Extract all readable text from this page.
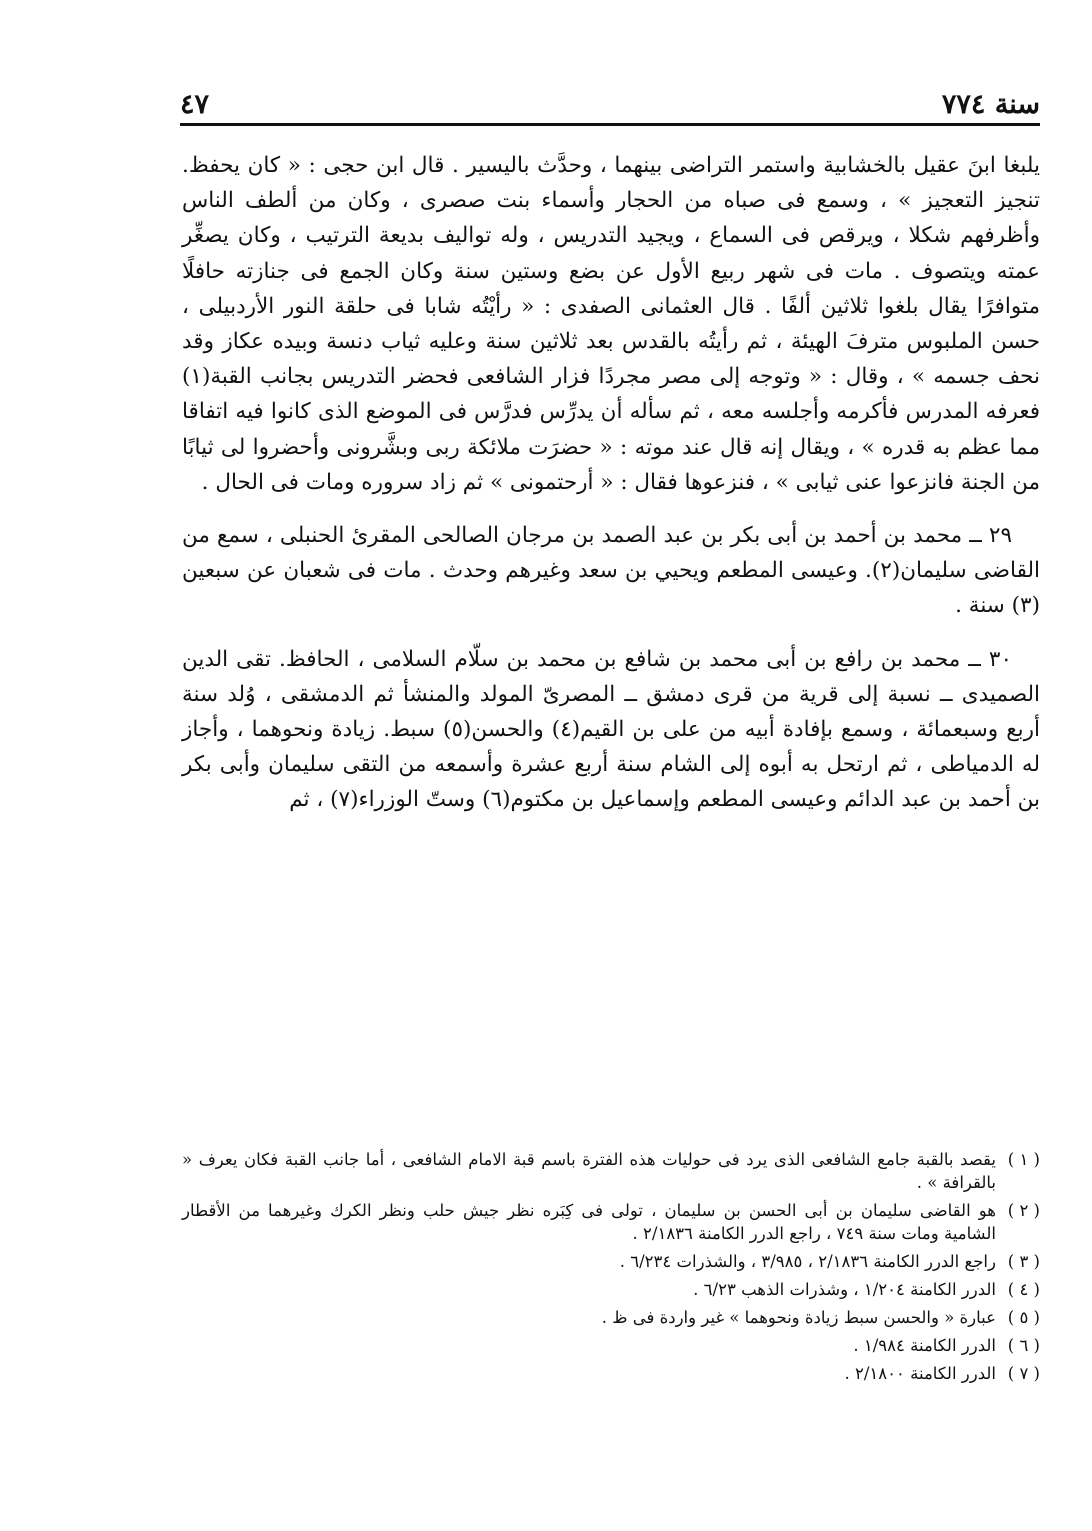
سنة ٧٧٤
٤٧

يلبغا ابنَ عقيل بالخشابية واستمر التراضى بينهما ، وحدَّث باليسير . قال ابن حجى : « كان يحفظ. تنجيز التعجيز » ، وسمع فى صباه من الحجار وأسماء بنت صصرى ، وكان من ألطف الناس وأظرفهم شكلا ، ويرقص فى السماع ، ويجيد التدريس ، وله تواليف بديعة الترتيب ، وكان يصغِّر عمته ويتصوف . مات فى شهر ربيع الأول عن بضع وستين سنة وكان الجمع فى جنازته حافلًا متوافرًا يقال بلغوا ثلاثين ألفًا . قال العثمانى الصفدى : « رأيْتُه شابا فى حلقة النور الأردبيلى ، حسن الملبوس مترفَ الهيئة ، ثم رأيتُه بالقدس بعد ثلاثين سنة وعليه ثياب دنسة وبيده عكاز وقد نحف جسمه » ، وقال : « وتوجه إلى مصر مجردًا فزار الشافعى فحضر التدريس بجانب القبة(١) فعرفه المدرس فأكرمه وأجلسه معه ، ثم سأله أن يدرِّس فدرَّس فى الموضع الذى كانوا فيه اتفاقا مما عظم به قدره » ، ويقال إنه قال عند موته : « حضرَت ملائكة ربى وبشَّرونى وأحضروا لى ثيابًا من الجنة فانزعوا عنى ثيابى » ، فنزعوها فقال : « أرحتمونى » ثم زاد سروره ومات فى الحال .

٢٩ ــ محمد بن أحمد بن أبى بكر بن عبد الصمد بن مرجان الصالحى المقرئ الحنبلى ، سمع من القاضى سليمان(٢). وعيسى المطعم ويحيي بن سعد وغيرهم وحدث . مات فى شعبان عن سبعين (٣) سنة .

٣٠ ــ محمد بن رافع بن أبى محمد بن شافع بن محمد بن سلّام السلامى ، الحافظ. تقى الدين الصميدى ــ نسبة إلى قرية من قرى دمشق ــ المصرىّ المولد والمنشأ ثم الدمشقى ، وُلد سنة أربع وسبعمائة ، وسمع بإفادة أبيه من على بن القيم(٤) والحسن(٥) سبط. زيادة ونحوهما ، وأجاز له الدمياطى ، ثم ارتحل به أبوه إلى الشام سنة أربع عشرة وأسمعه من التقى سليمان وأبى بكر بن أحمد بن عبد الدائم وعيسى المطعم وإسماعيل بن مكتوم(٦) وستّ الوزراء(٧) ، ثم

( ١ )
يقصد بالقبة جامع الشافعى الذى يرد فى حوليات هذه الفترة باسم قبة الامام الشافعى ، أما جانب القبة فكان يعرف « بالقرافة » .
( ٢ )
هو القاضى سليمان بن أبى الحسن بن سليمان ، تولى فى كِبَره نظر جيش حلب ونظر الكرك وغيرهما من الأقطار الشامية ومات سنة ٧٤٩ ، راجع الدرر الكامنة ٢/١٨٣٦ .
( ٣ )
راجع الدرر الكامنة ٢/١٨٣٦ ، ٣/٩٨٥ ، والشذرات ٦/٢٣٤ .
( ٤ )
الدرر الكامنة ١/٢٠٤ ، وشذرات الذهب ٦/٢٣ .
( ٥ )
عبارة « والحسن سبط زيادة ونحوهما » غير واردة فى ظ .
( ٦ )
الدرر الكامنة ١/٩٨٤ .
( ٧ )
الدرر الكامنة ٢/١٨٠٠ .
